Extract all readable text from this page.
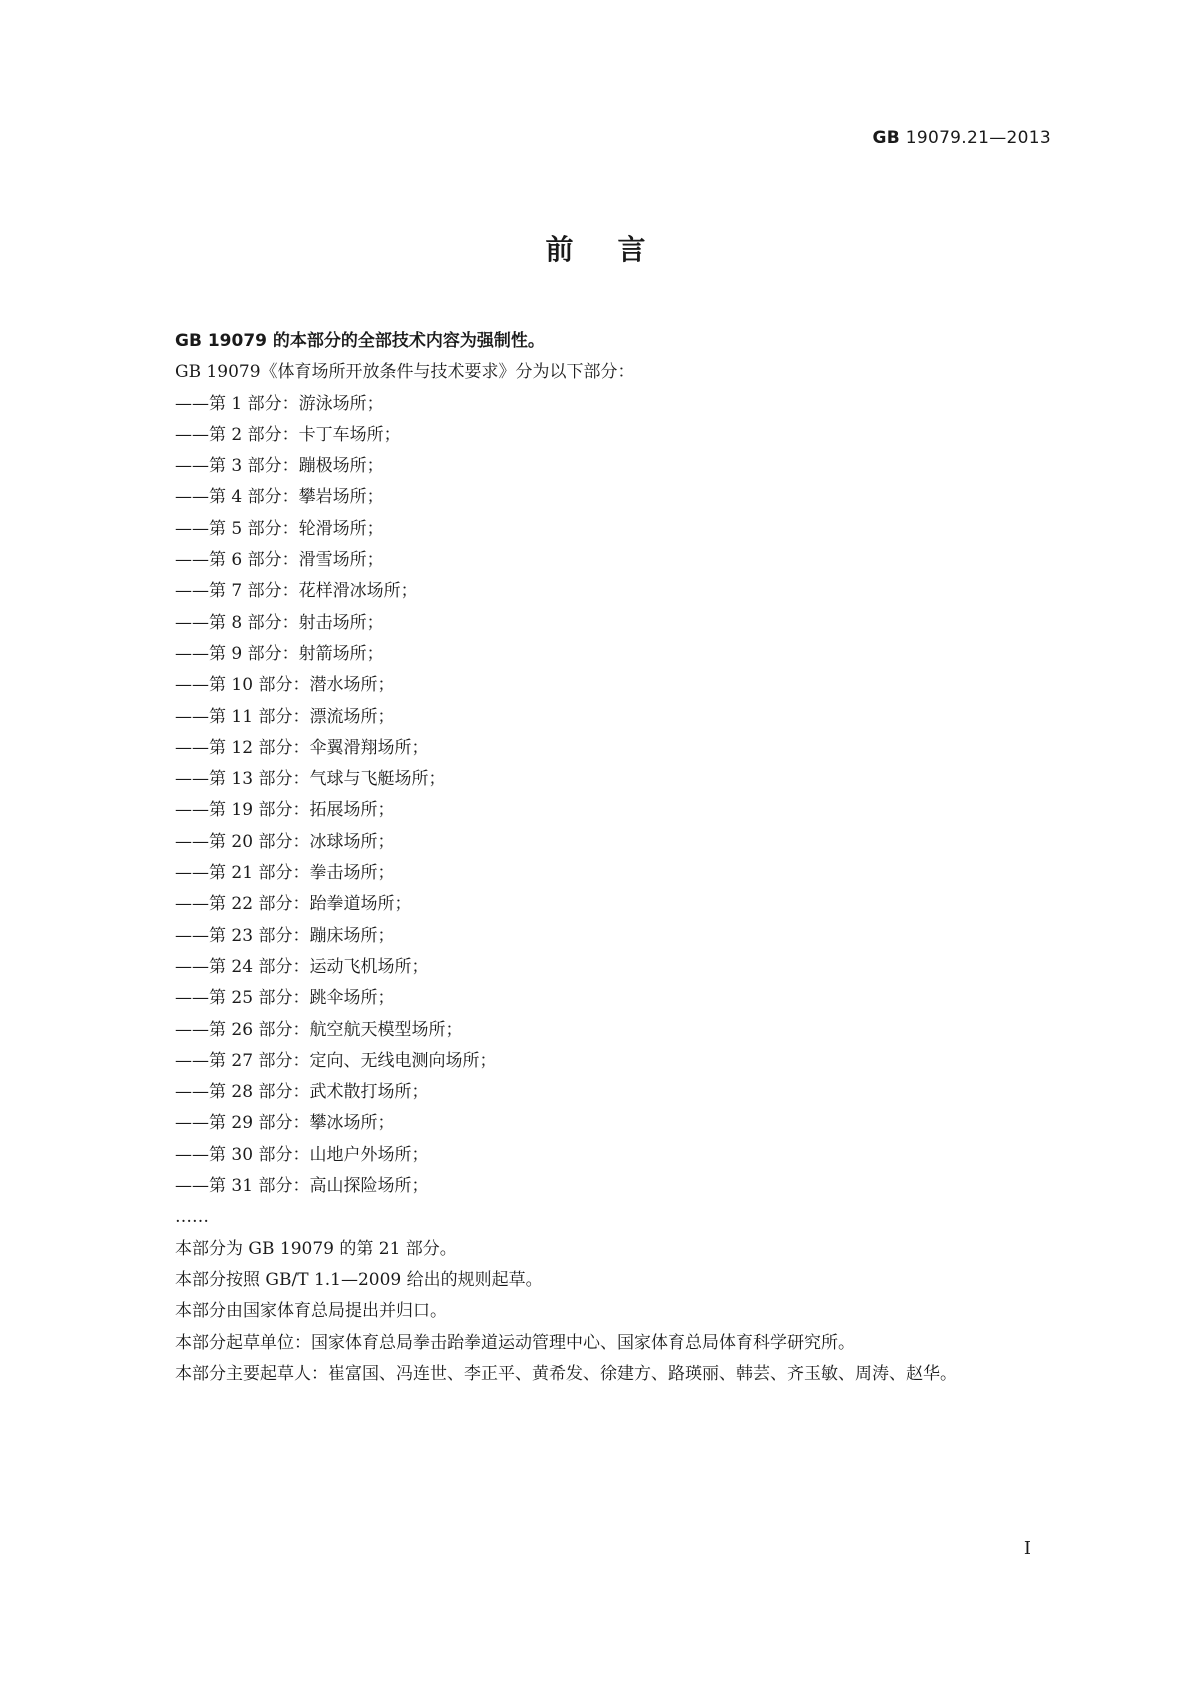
GB 19079.21—2013
前言
GB 19079 的本部分的全部技术内容为强制性。
GB 19079《体育场所开放条件与技术要求》分为以下部分：
——第 1 部分：游泳场所；
——第 2 部分：卡丁车场所；
——第 3 部分：蹦极场所；
——第 4 部分：攀岩场所；
——第 5 部分：轮滑场所；
——第 6 部分：滑雪场所；
——第 7 部分：花样滑冰场所；
——第 8 部分：射击场所；
——第 9 部分：射箭场所；
——第 10 部分：潜水场所；
——第 11 部分：漂流场所；
——第 12 部分：伞翼滑翔场所；
——第 13 部分：气球与飞艇场所；
——第 19 部分：拓展场所；
——第 20 部分：冰球场所；
——第 21 部分：拳击场所；
——第 22 部分：跆拳道场所；
——第 23 部分：蹦床场所；
——第 24 部分：运动飞机场所；
——第 25 部分：跳伞场所；
——第 26 部分：航空航天模型场所；
——第 27 部分：定向、无线电测向场所；
——第 28 部分：武术散打场所；
——第 29 部分：攀冰场所；
——第 30 部分：山地户外场所；
——第 31 部分：高山探险场所；
……
本部分为 GB 19079 的第 21 部分。
本部分按照 GB/T 1.1—2009 给出的规则起草。
本部分由国家体育总局提出并归口。
本部分起草单位：国家体育总局拳击跆拳道运动管理中心、国家体育总局体育科学研究所。
本部分主要起草人：崔富国、冯连世、李正平、黄希发、徐建方、路瑛丽、韩芸、齐玉敏、周涛、赵华。
I
